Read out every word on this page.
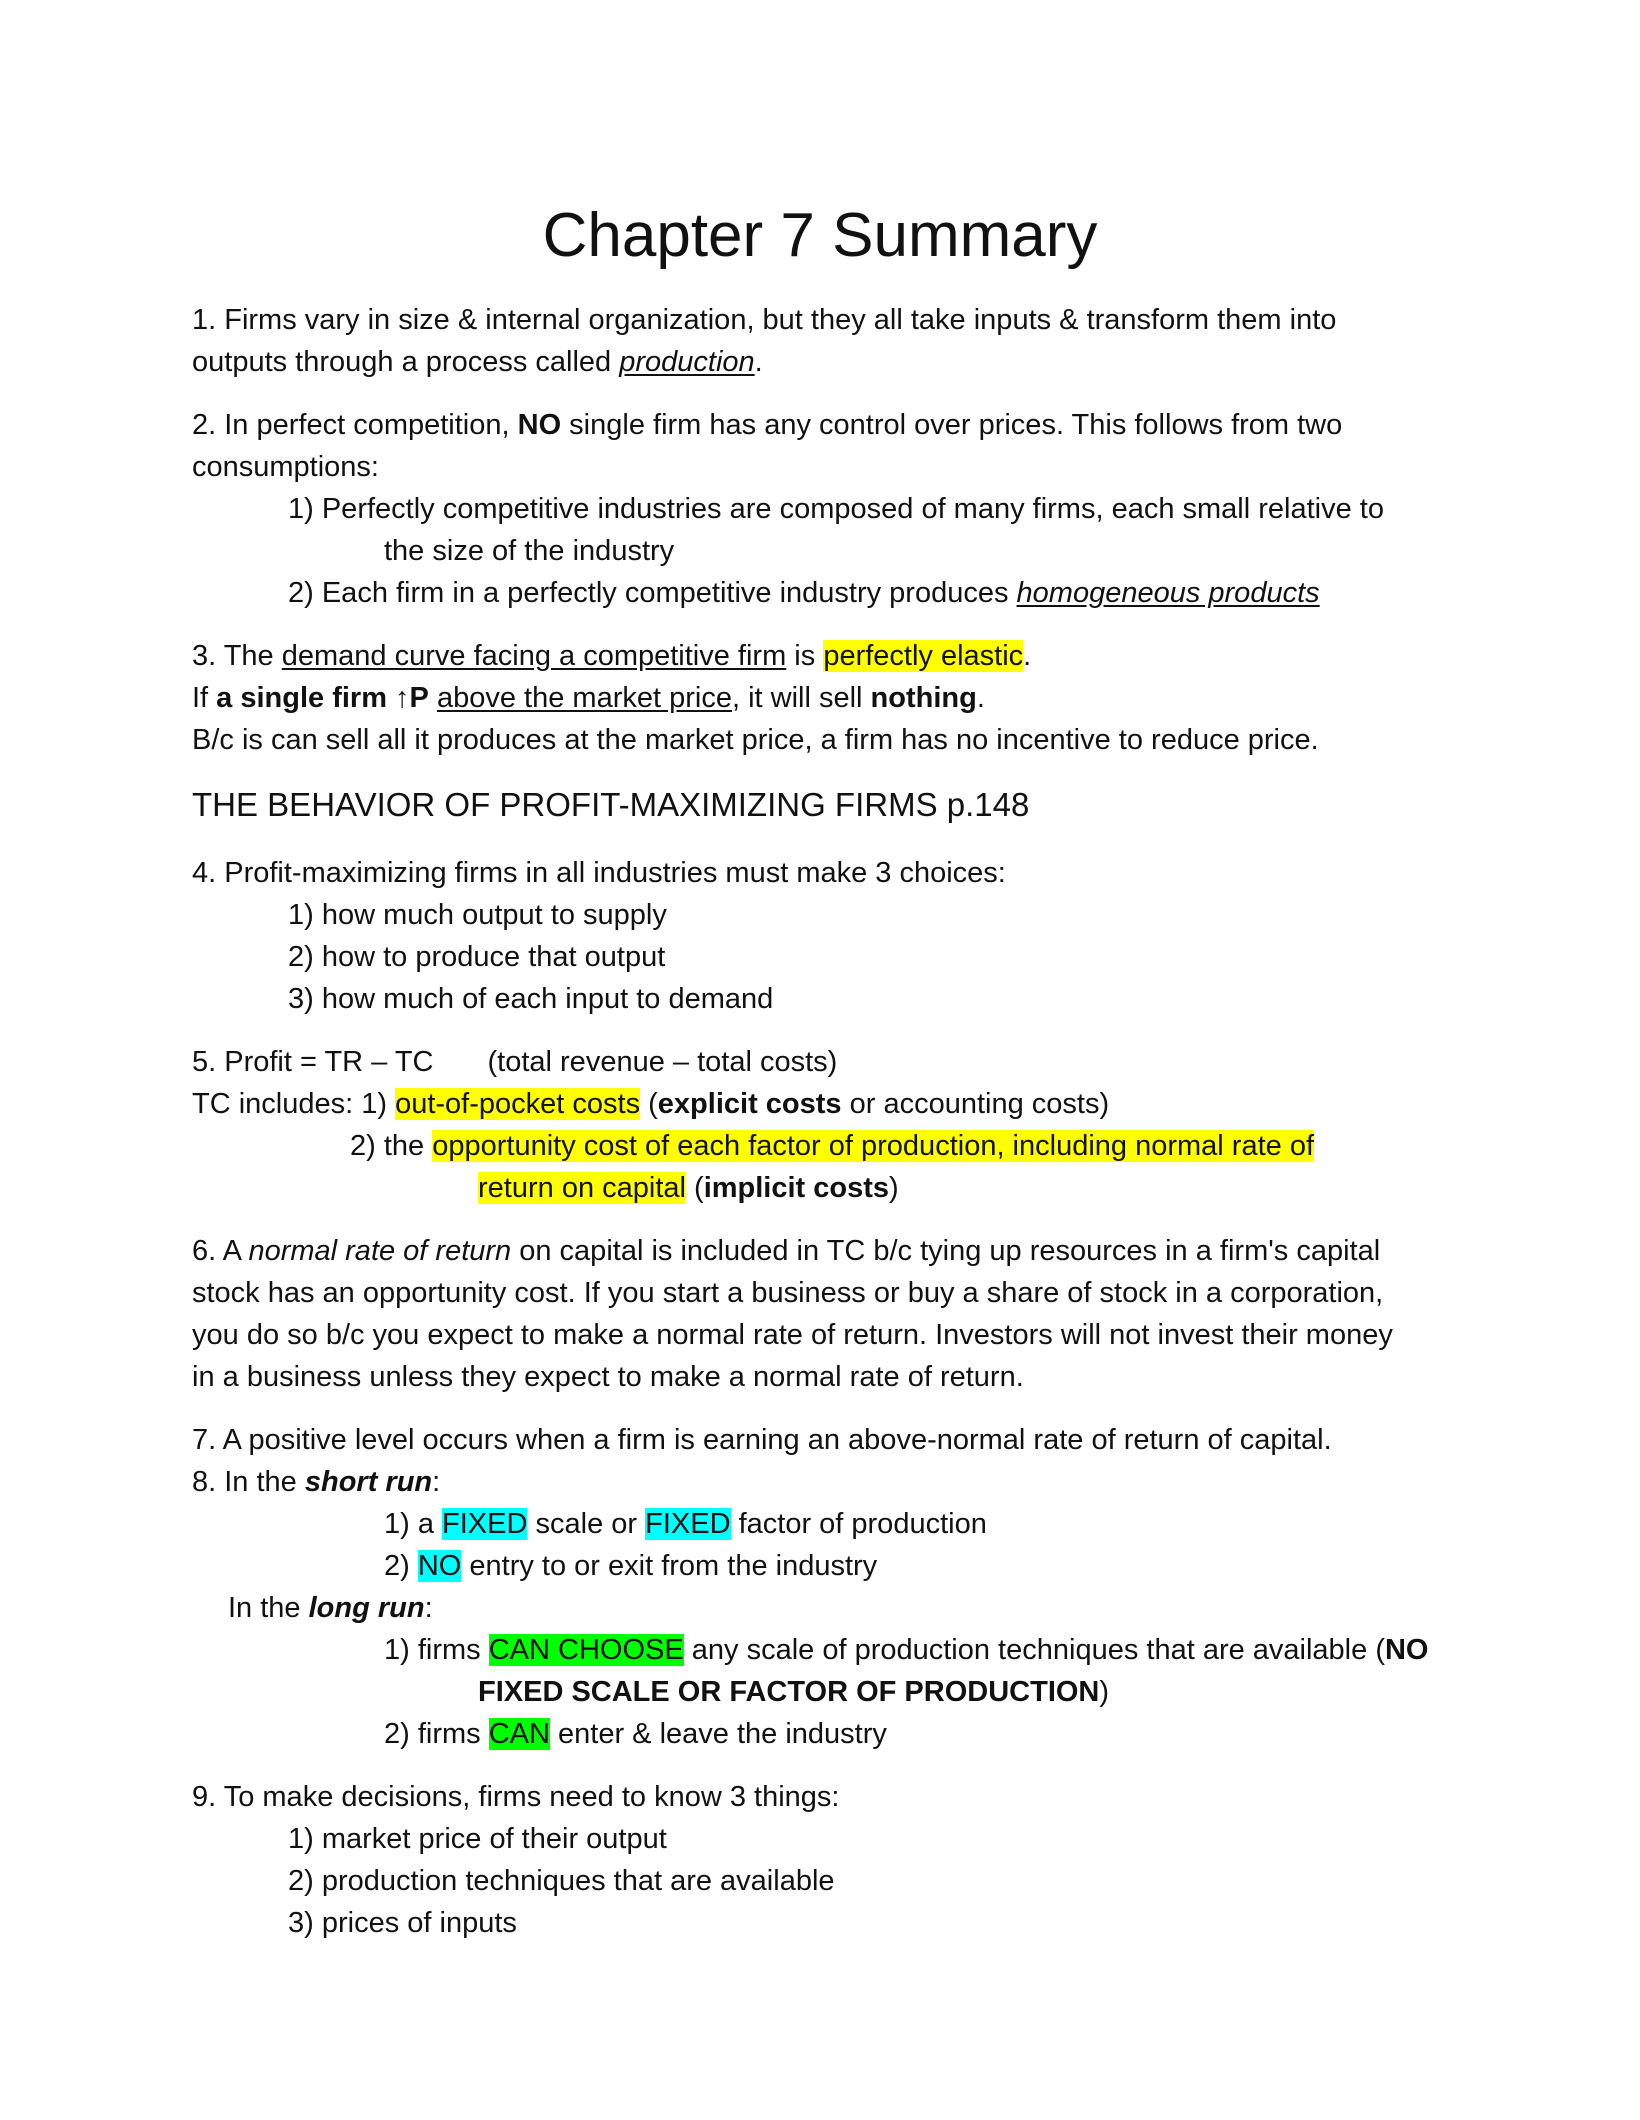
Chapter 7 Summary
1. Firms vary in size & internal organization, but they all take inputs & transform them into
outputs through a process called production.
2. In perfect competition, NO single firm has any control over prices. This follows from two
consumptions:
1) Perfectly competitive industries are composed of many firms, each small relative to
the size of the industry
2) Each firm in a perfectly competitive industry produces homogeneous products
3. The demand curve facing a competitive firm is perfectly elastic.
If a single firm ↑P above the market price, it will sell nothing.
B/c is can sell all it produces at the market price, a firm has no incentive to reduce price.
THE BEHAVIOR OF PROFIT-MAXIMIZING FIRMS p.148
4. Profit-maximizing firms in all industries must make 3 choices:
1) how much output to supply
2) how to produce that output
3) how much of each input to demand
5. Profit = TR – TC (total revenue – total costs)
TC includes: 1) out-of-pocket costs (explicit costs or accounting costs)
2) the opportunity cost of each factor of production, including normal rate of
return on capital (implicit costs)
6. A normal rate of return on capital is included in TC b/c tying up resources in a firm's capital
stock has an opportunity cost. If you start a business or buy a share of stock in a corporation,
you do so b/c you expect to make a normal rate of return. Investors will not invest their money
in a business unless they expect to make a normal rate of return.
7. A positive level occurs when a firm is earning an above-normal rate of return of capital.
8. In the short run:
1) a FIXED scale or FIXED factor of production
2) NO entry to or exit from the industry
In the long run:
1) firms CAN CHOOSE any scale of production techniques that are available (NO
FIXED SCALE OR FACTOR OF PRODUCTION)
2) firms CAN enter & leave the industry
9. To make decisions, firms need to know 3 things:
1) market price of their output
2) production techniques that are available
3) prices of inputs
